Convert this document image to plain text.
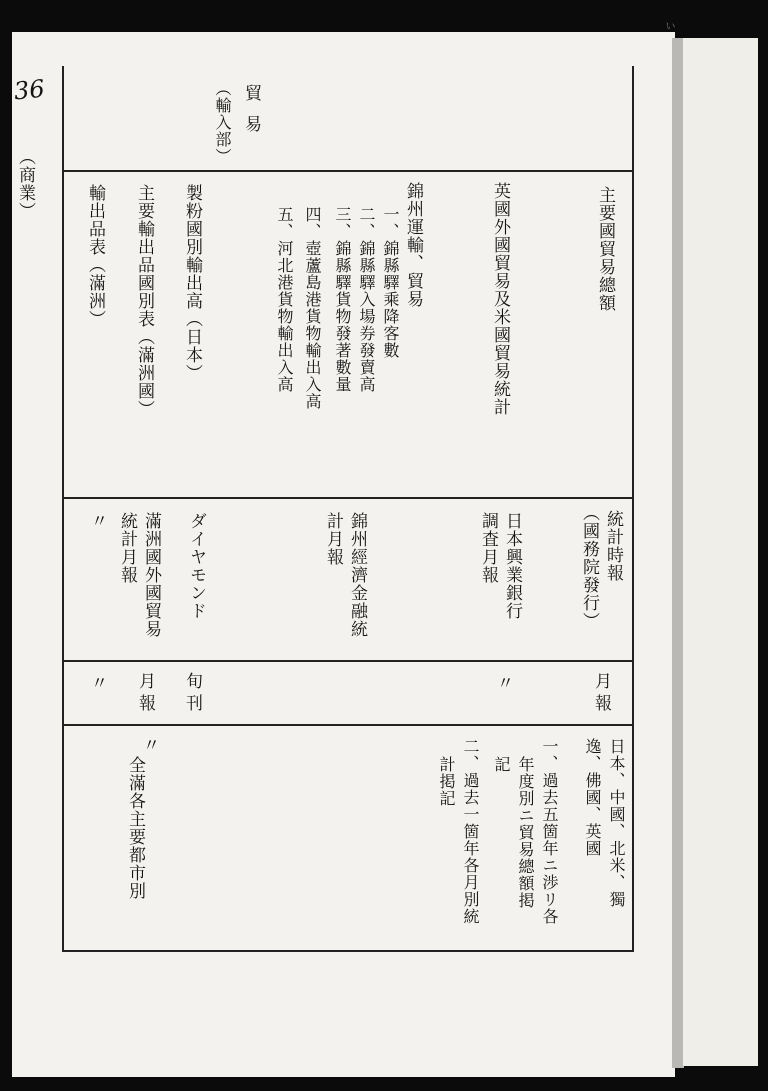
36
ぃ
（商業）
貿易
（輸入部）
主要國貿易總額
英國外國貿易及米國貿易統計
錦州運輸、貿易
一、錦縣驛乘降客數
二、錦縣驛入場券發賣高
三、錦縣驛貨物發著數量
四、壺蘆島港貨物輸出入高
五、河北港貨物輸出入高
製粉國別輸出高（日本）
主要輸出品國別表（滿洲國）
輸出品表（滿洲）
統計時報
（國務院發行）
日本興業銀行
調査月報
錦州經濟金融統
計月報
ダイヤモンド
滿洲國外國貿易
統計月報
〃
月
報
〃
旬
刊
月
報
〃
日本、中國、北米、獨
逸、佛國、英國
一、過去五箇年ニ渉リ各
年度別ニ貿易總額掲
記
二、過去一箇年各月別統
計掲記
〃
全滿各主要都市別
